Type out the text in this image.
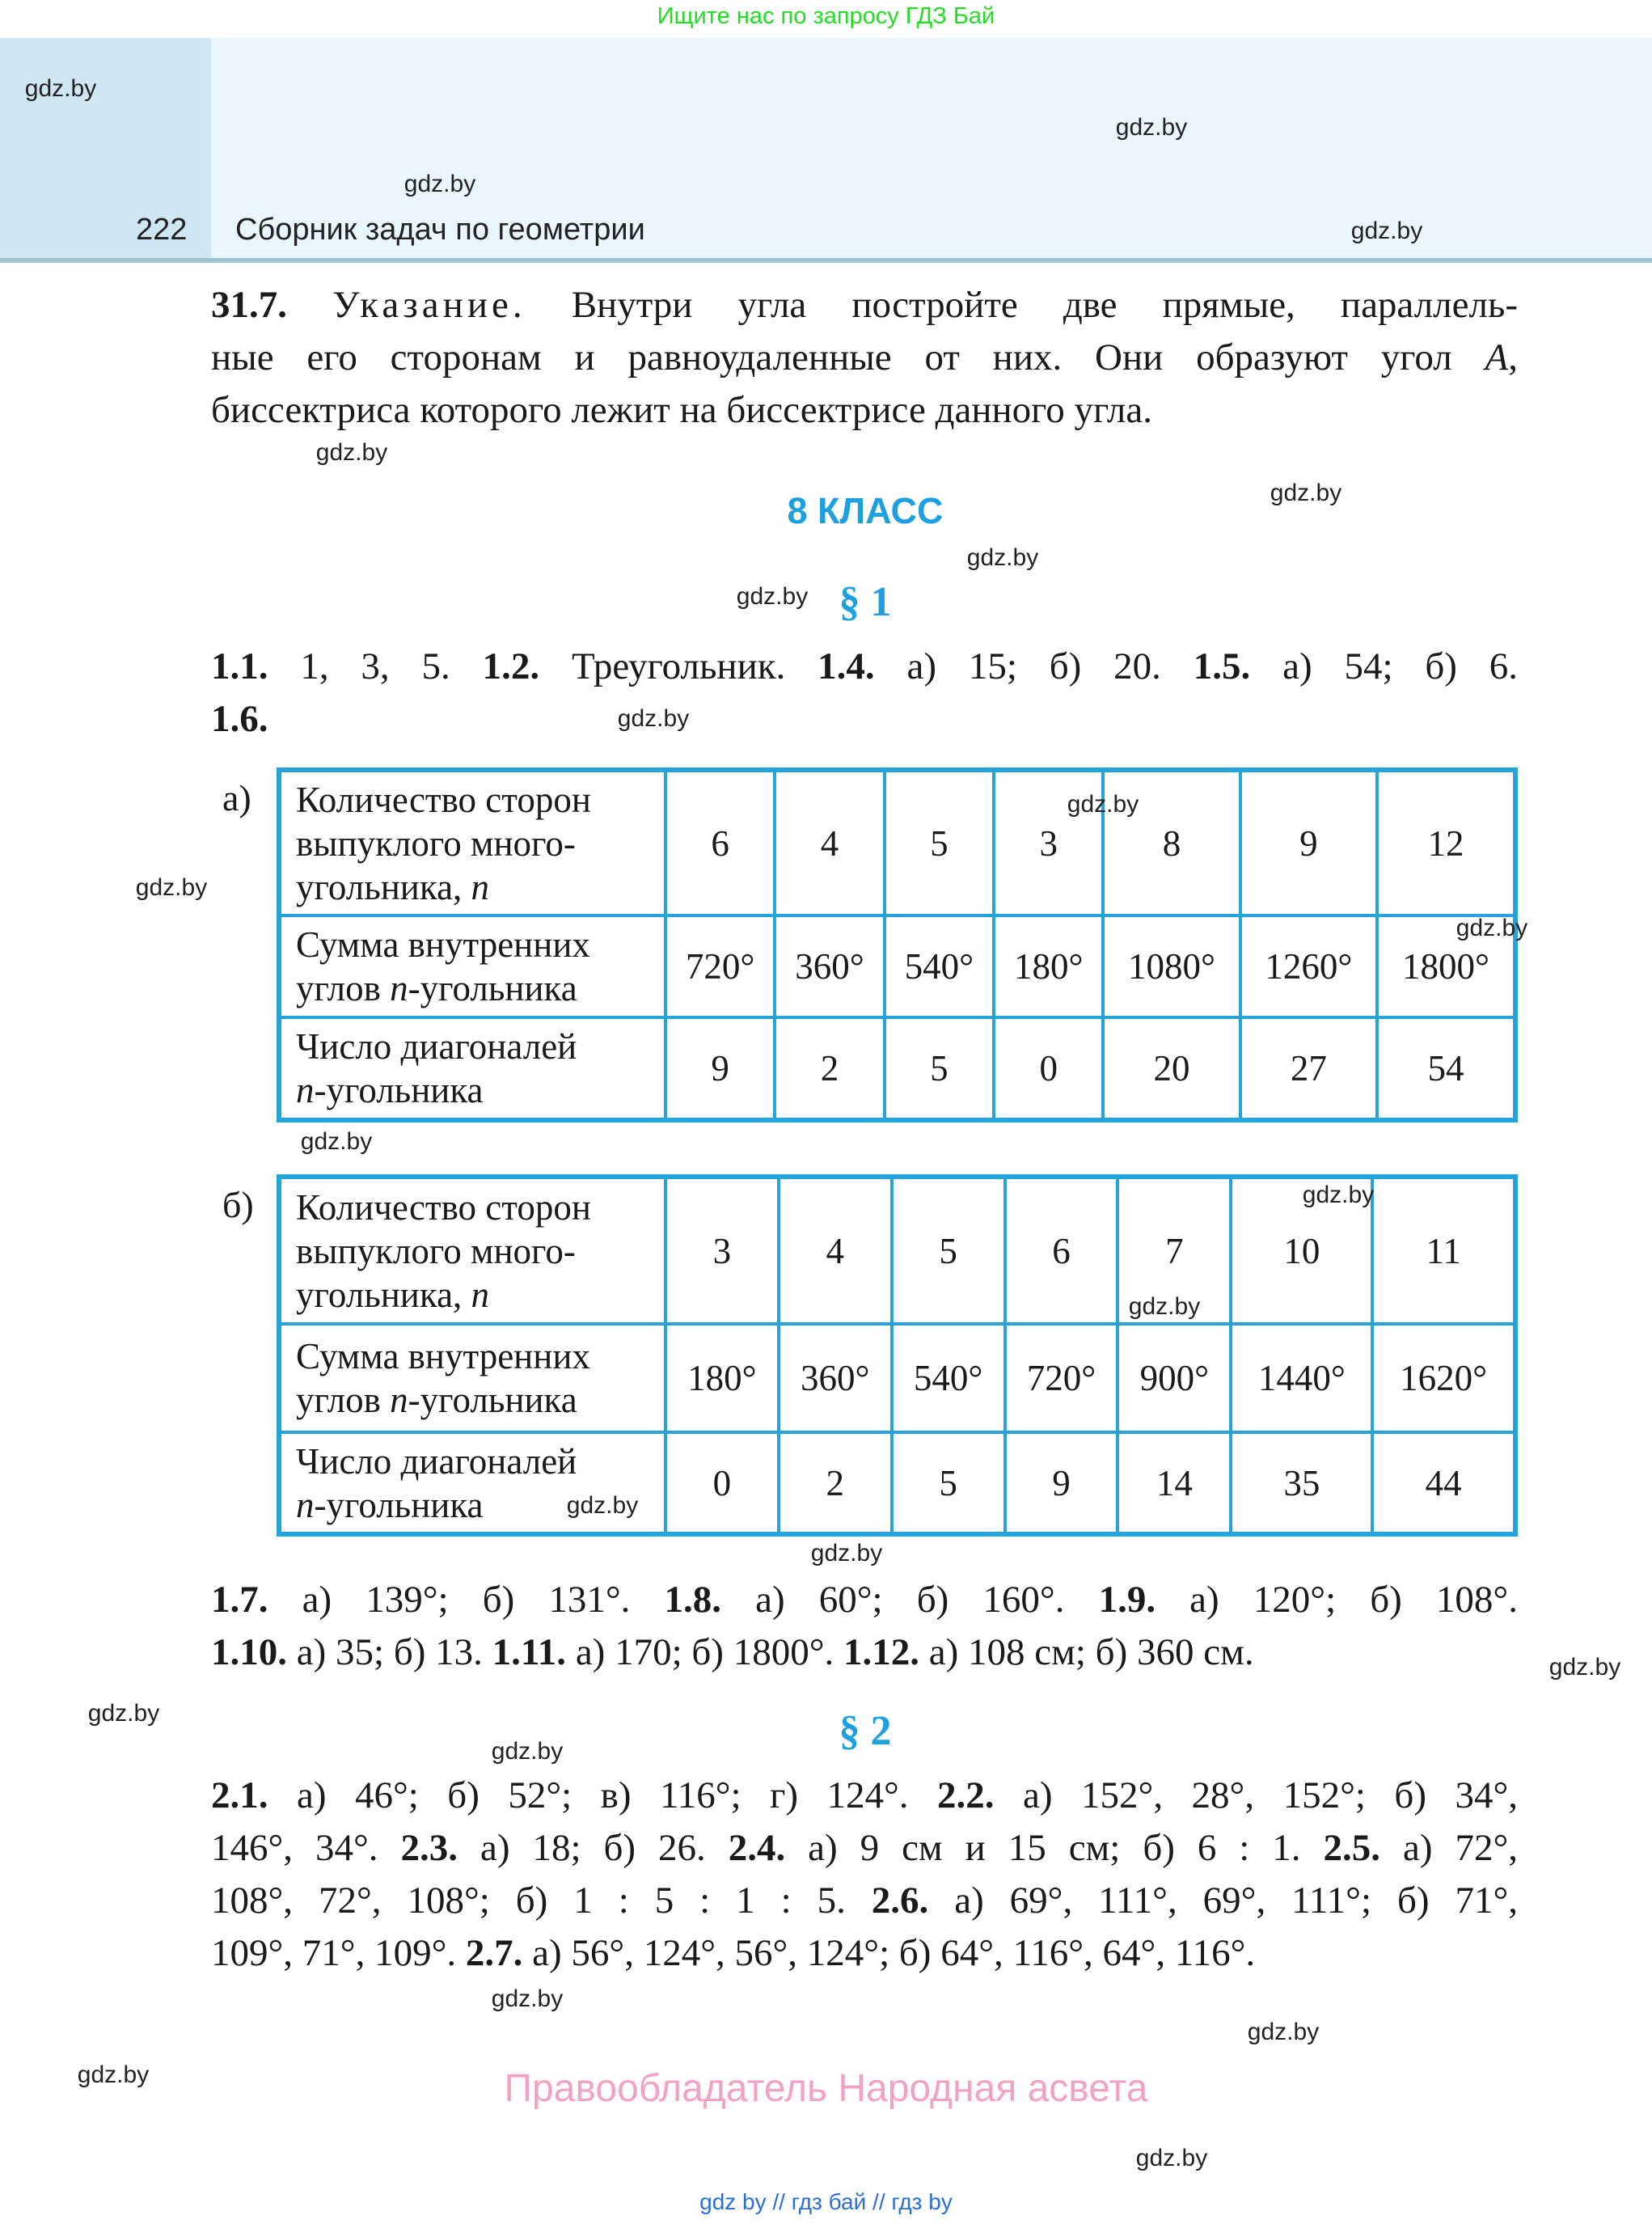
Ищите нас по запросу ГДЗ Бай
222 Сборник задач по геометрии
31.7. Указание. Внутри угла постройте две прямые, параллель-
ные его сторонам и равноудаленные от них. Они образуют угол A,
биссектриса которого лежит на биссектрисе данного угла.
8 КЛАСС
§ 1
1.1. 1, 3, 5. 1.2. Треугольник. 1.4. а) 15; б) 20. 1.5. а) 54; б) 6.
1.6.
а) Количество сторон
выпуклого много-
угольника, n	6	4	5	3	8	9	12

Сумма внутренних
углов n-угольника	720°	360°	540°	180°	1080°	1260°	1800°

Число диагоналей
n-угольника	9	2	5	0	20	27	54
б) Количество сторон
выпуклого много-
угольника, n	3	4	5	6	7	10	11

Сумма внутренних
углов n-угольника	180°	360°	540°	720°	900°	1440°	1620°

Число диагоналей
n-угольника	0	2	5	9	14	35	44
1.7. а) 139°; б) 131°. 1.8. а) 60°; б) 160°. 1.9. а) 120°; б) 108°.
1.10. а) 35; б) 13. 1.11. а) 170; б) 1800°. 1.12. а) 108 см; б) 360 см.
§ 2
2.1. а) 46°; б) 52°; в) 116°; г) 124°. 2.2. а) 152°, 28°, 152°; б) 34°,
146°, 34°. 2.3. а) 18; б) 26. 2.4. а) 9 см и 15 см; б) 6 : 1. 2.5. а) 72°,
108°, 72°, 108°; б) 1 : 5 : 1 : 5. 2.6. а) 69°, 111°, 69°, 111°; б) 71°,
109°, 71°, 109°. 2.7. а) 56°, 124°, 56°, 124°; б) 64°, 116°, 64°, 116°.
Правообладатель Народная асвета
gdz by // гдз бай // гдз by
gdz.by
gdz.by
gdz.by
gdz.by
gdz.by
gdz.by
gdz.by
gdz.by
gdz.by
gdz.by
gdz.by
gdz.by
gdz.by
gdz.by
gdz.by
gdz.by
gdz.by
gdz.by
gdz.by
gdz.by
gdz.by
gdz.by
gdz.by
gdz.by
